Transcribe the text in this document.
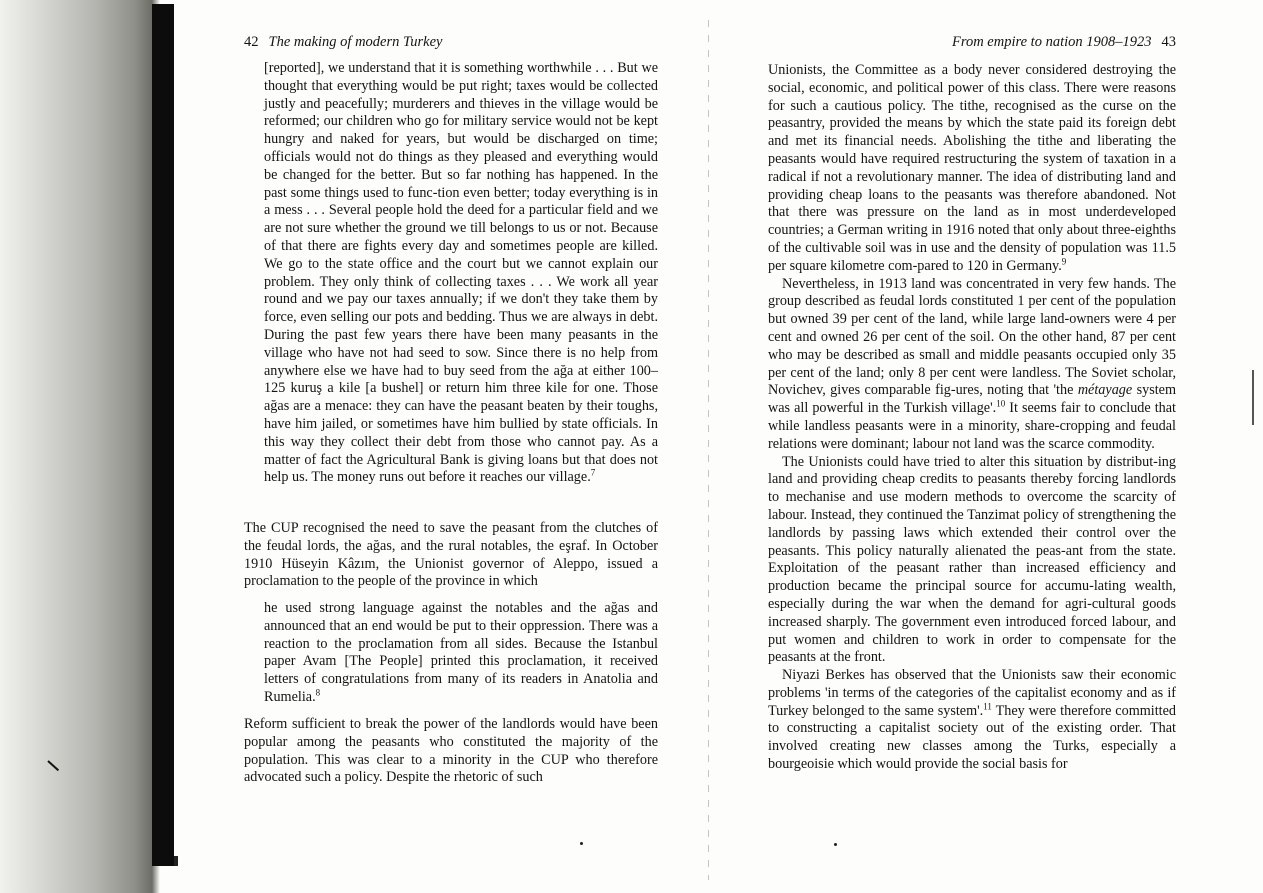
42 The making of modern Turkey

[reported], we understand that it is something worthwhile . . . But we thought that everything would be put right; taxes would be collected justly and peacefully; murderers and thieves in the village would be reformed; our children who go for military service would not be kept hungry and naked for years, but would be discharged on time; officials would not do things as they pleased and everything would be changed for the better. But so far nothing has happened. In the past some things used to func-tion even better; today everything is in a mess . . . Several people hold the deed for a particular field and we are not sure whether the ground we till belongs to us or not. Because of that there are fights every day and sometimes people are killed. We go to the state office and the court but we cannot explain our problem. They only think of collecting taxes . . . We work all year round and we pay our taxes annually; if we don't they take them by force, even selling our pots and bedding. Thus we are always in debt. During the past few years there have been many peasants in the village who have not had seed to sow. Since there is no help from anywhere else we have had to buy seed from the ağa at either 100–125 kuruş a kile [a bushel] or return him three kile for one. Those ağas are a menace: they can have the peasant beaten by their toughs, have him jailed, or sometimes have him bullied by state officials. In this way they collect their debt from those who cannot pay. As a matter of fact the Agricultural Bank is giving loans but that does not help us. The money runs out before it reaches our village.$^7$

The CUP recognised the need to save the peasant from the clutches of the feudal lords, the ağas, and the rural notables, the eşraf. In October 1910 Hüseyin Kâzım, the Unionist governor of Aleppo, issued a proclamation to the people of the province in which

he used strong language against the notables and the ağas and announced that an end would be put to their oppression. There was a reaction to the proclamation from all sides. Because the Istanbul paper Avam [The People] printed this proclamation, it received letters of congratulations from many of its readers in Anatolia and Rumelia.$^8$

Reform sufficient to break the power of the landlords would have been popular among the peasants who constituted the majority of the population. This was clear to a minority in the CUP who therefore advocated such a policy. Despite the rhetoric of such

From empire to nation 1908–1923 43

Unionists, the Committee as a body never considered destroying the social, economic, and political power of this class. There were reasons for such a cautious policy. The tithe, recognised as the curse on the peasantry, provided the means by which the state paid its foreign debt and met its financial needs. Abolishing the tithe and liberating the peasants would have required restructuring the system of taxation in a radical if not a revolutionary manner. The idea of distributing land and providing cheap loans to the peasants was therefore abandoned. Not that there was pressure on the land as in most underdeveloped countries; a German writing in 1916 noted that only about three-eighths of the cultivable soil was in use and the density of population was 11.5 per square kilometre com-pared to 120 in Germany.$^9$

Nevertheless, in 1913 land was concentrated in very few hands. The group described as feudal lords constituted 1 per cent of the population but owned 39 per cent of the land, while large land-owners were 4 per cent and owned 26 per cent of the soil. On the other hand, 87 per cent who may be described as small and middle peasants occupied only 35 per cent of the land; only 8 per cent were landless. The Soviet scholar, Novichev, gives comparable fig-ures, noting that 'the métayage system was all powerful in the Turkish village'.$^{10}$ It seems fair to conclude that while landless peasants were in a minority, share-cropping and feudal relations were dominant; labour not land was the scarce commodity.

The Unionists could have tried to alter this situation by distribut-ing land and providing cheap credits to peasants thereby forcing landlords to mechanise and use modern methods to overcome the scarcity of labour. Instead, they continued the Tanzimat policy of strengthening the landlords by passing laws which extended their control over the peasants. This policy naturally alienated the peas-ant from the state. Exploitation of the peasant rather than increased efficiency and production became the principal source for accumu-lating wealth, especially during the war when the demand for agri-cultural goods increased sharply. The government even introduced forced labour, and put women and children to work in order to compensate for the peasants at the front.

Niyazi Berkes has observed that the Unionists saw their economic problems 'in terms of the categories of the capitalist economy and as if Turkey belonged to the same system'.$^{11}$ They were therefore committed to constructing a capitalist society out of the existing order. That involved creating new classes among the Turks, especially a bourgeoisie which would provide the social basis for
